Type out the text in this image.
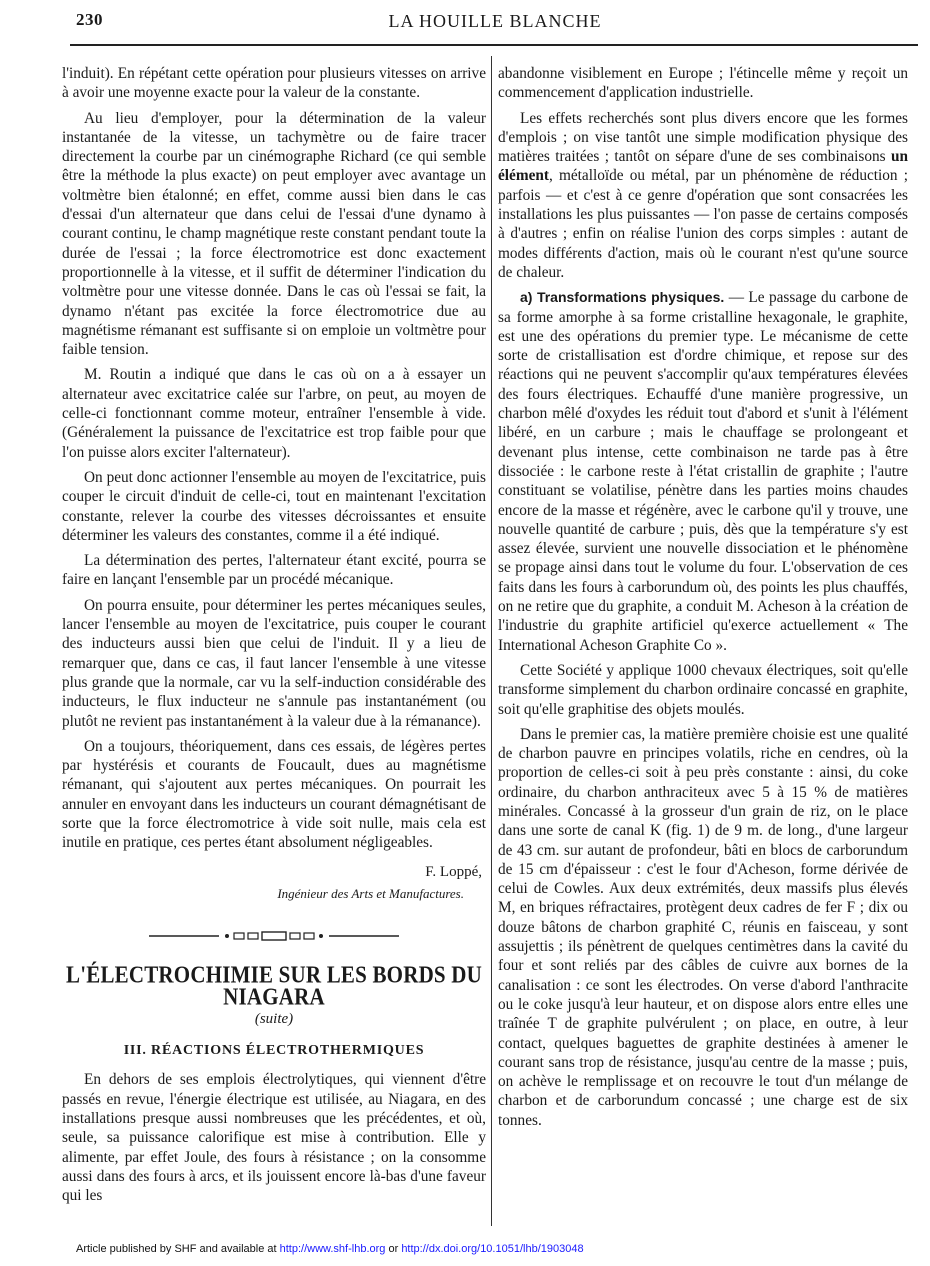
230	LA HOUILLE BLANCHE

l'induit). En répétant cette opération pour plusieurs vitesses on arrive à avoir une moyenne exacte pour la valeur de la constante.

Au lieu d'employer, pour la détermination de la valeur instantanée de la vitesse, un tachymètre ou de faire tracer directement la courbe par un cinémographe Richard (ce qui semble être la méthode la plus exacte) on peut employer avec avantage un voltmètre bien étalonné; en effet, comme aussi bien dans le cas d'essai d'un alternateur que dans celui de l'essai d'une dynamo à courant continu, le champ magnétique reste constant pendant toute la durée de l'essai ; la force électromotrice est donc exactement proportionnelle à la vitesse, et il suffit de déterminer l'indication du voltmètre pour une vitesse donnée. Dans le cas où l'essai se fait, la dynamo n'étant pas excitée la force électromotrice due au magnétisme rémanant est suffisante si on emploie un voltmètre pour faible tension.

M. Routin a indiqué que dans le cas où on a à essayer un alternateur avec excitatrice calée sur l'arbre, on peut, au moyen de celle-ci fonctionnant comme moteur, entraîner l'ensemble à vide. (Généralement la puissance de l'excitatrice est trop faible pour que l'on puisse alors exciter l'alternateur).

On peut donc actionner l'ensemble au moyen de l'excitatrice, puis couper le circuit d'induit de celle-ci, tout en maintenant l'excitation constante, relever la courbe des vitesses décroissantes et ensuite déterminer les valeurs des constantes, comme il a été indiqué.

La détermination des pertes, l'alternateur étant excité, pourra se faire en lançant l'ensemble par un procédé mécanique.

On pourra ensuite, pour déterminer les pertes mécaniques seules, lancer l'ensemble au moyen de l'excitatrice, puis couper le courant des inducteurs aussi bien que celui de l'induit. Il y a lieu de remarquer que, dans ce cas, il faut lancer l'ensemble à une vitesse plus grande que la normale, car vu la self-induction considérable des inducteurs, le flux inducteur ne s'annule pas instantanément (ou plutôt ne revient pas instantanément à la valeur due à la rémanance).

On a toujours, théoriquement, dans ces essais, de légères pertes par hystérésis et courants de Foucault, dues au magnétisme rémanant, qui s'ajoutent aux pertes mécaniques. On pourrait les annuler en envoyant dans les inducteurs un courant démagnétisant de sorte que la force électromotrice à vide soit nulle, mais cela est inutile en pratique, ces pertes étant absolument négligeables.

F. Loppé,
Ingénieur des Arts et Manufactures.
L'ÉLECTROCHIMIE SUR LES BORDS DU NIAGARA
(suite)
III. RÉACTIONS ÉLECTROTHERMIQUES

En dehors de ses emplois électrolytiques, qui viennent d'être passés en revue, l'énergie électrique est utilisée, au Niagara, en des installations presque aussi nombreuses que les précédentes, et où, seule, sa puissance calorifique est mise à contribution. Elle y alimente, par effet Joule, des fours à résistance ; on la consomme aussi dans des fours à arcs, et ils jouissent encore là-bas d'une faveur qui les

abandonne visiblement en Europe ; l'étincelle même y reçoit un commencement d'application industrielle.

Les effets recherchés sont plus divers encore que les formes d'emplois ; on vise tantôt une simple modification physique des matières traitées ; tantôt on sépare d'une de ses combinaisons un élément, métalloïde ou métal, par un phénomène de réduction ; parfois — et c'est à ce genre d'opération que sont consacrées les installations les plus puissantes — l'on passe de certains composés à d'autres ; enfin on réalise l'union des corps simples : autant de modes différents d'action, mais où le courant n'est qu'une source de chaleur.

a) Transformations physiques. — Le passage du carbone de sa forme amorphe à sa forme cristalline hexagonale, le graphite, est une des opérations du premier type. Le mécanisme de cette sorte de cristallisation est d'ordre chimique, et repose sur des réactions qui ne peuvent s'accomplir qu'aux températures élevées des fours électriques. Echauffé d'une manière progressive, un charbon mêlé d'oxydes les réduit tout d'abord et s'unit à l'élément libéré, en un carbure ; mais le chauffage se prolongeant et devenant plus intense, cette combinaison ne tarde pas à être dissociée : le carbone reste à l'état cristallin de graphite ; l'autre constituant se volatilise, pénètre dans les parties moins chaudes encore de la masse et régénère, avec le carbone qu'il y trouve, une nouvelle quantité de carbure ; puis, dès que la température s'y est assez élevée, survient une nouvelle dissociation et le phénomène se propage ainsi dans tout le volume du four. L'observation de ces faits dans les fours à carborundum où, des points les plus chauffés, on ne retire que du graphite, a conduit M. Acheson à la création de l'industrie du graphite artificiel qu'exerce actuellement « The International Acheson Graphite Co ».

Cette Société y applique 1000 chevaux électriques, soit qu'elle transforme simplement du charbon ordinaire concassé en graphite, soit qu'elle graphitise des objets moulés.

Dans le premier cas, la matière première choisie est une qualité de charbon pauvre en principes volatils, riche en cendres, où la proportion de celles-ci soit à peu près constante : ainsi, du coke ordinaire, du charbon anthraciteux avec 5 à 15 % de matières minérales. Concassé à la grosseur d'un grain de riz, on le place dans une sorte de canal K (fig. 1) de 9 m. de long., d'une largeur de 43 cm. sur autant de profondeur, bâti en blocs de carborundum de 15 cm d'épaisseur : c'est le four d'Acheson, forme dérivée de celui de Cowles. Aux deux extrémités, deux massifs plus élevés M, en briques réfractaires, protègent deux cadres de fer F ; dix ou douze bâtons de charbon graphité C, réunis en faisceau, y sont assujettis ; ils pénètrent de quelques centimètres dans la cavité du four et sont reliés par des câbles de cuivre aux bornes de la canalisation : ce sont les électrodes. On verse d'abord l'anthracite ou le coke jusqu'à leur hauteur, et on dispose alors entre elles une traînée T de graphite pulvérulent ; on place, en outre, à leur contact, quelques baguettes de graphite destinées à amener le courant sans trop de résistance, jusqu'au centre de la masse ; puis, on achève le remplissage et on recouvre le tout d'un mélange de charbon et de carborundum concassé ; une charge est de six tonnes.

Article published by SHF and available at http://www.shf-lhb.org or http://dx.doi.org/10.1051/lhb/1903048
